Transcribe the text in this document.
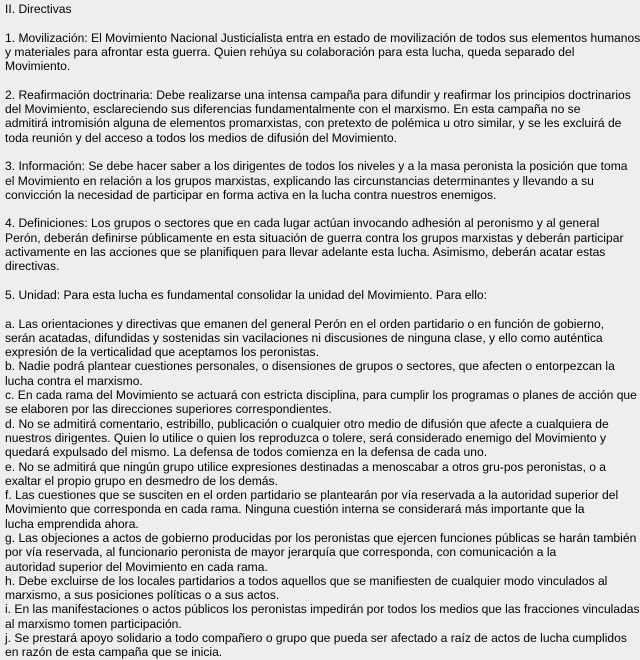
II. Directivas
1. Movilización: El Movimiento Nacional Justicialista entra en estado de movilización de todos sus elementos humanos
y materiales para afrontar esta guerra. Quien rehúya su colaboración para esta lucha, queda separado del
Movimiento.
2. Reafirmación doctrinaria: Debe realizarse una intensa campaña para difundir y reafirmar los principios doctrinarios
del Movimiento, esclareciendo sus diferencias fundamentalmente con el marxismo. En esta campaña no se
admitirá intromisión alguna de elementos promarxistas, con pretexto de polémica u otro similar, y se les excluirá de
toda reunión y del acceso a todos los medios de difusión del Movimiento.
3. Información: Se debe hacer saber a los dirigentes de todos los niveles y a la masa peronista la posición que toma
el Movimiento en relación a los grupos marxistas, explicando las circunstancias determinantes y llevando a su
convicción la necesidad de participar en forma activa en la lucha contra nuestros enemigos.
4. Definiciones: Los grupos o sectores que en cada lugar actúan invocando adhesión al peronismo y al general
Perón, deberán definirse públicamente en esta situación de guerra contra los grupos marxistas y deberán participar
activamente en las acciones que se planifiquen para llevar adelante esta lucha. Asimismo, deberán acatar estas
directivas.
5. Unidad: Para esta lucha es fundamental consolidar la unidad del Movimiento. Para ello:
a. Las orientaciones y directivas que emanen del general Perón en el orden partidario o en función de gobierno,
serán acatadas, difundidas y sostenidas sin vacilaciones ni discusiones de ninguna clase, y ello como auténtica
expresión de la verticalidad que aceptamos los peronistas.
b. Nadie podrá plantear cuestiones personales, o disensiones de grupos o sectores, que afecten o entorpezcan la
lucha contra el marxismo.
c. En cada rama del Movimiento se actuará con estricta disciplina, para cumplir los programas o planes de acción que
se elaboren por las direcciones superiores correspondientes.
d. No se admitirá comentario, estribillo, publicación o cualquier otro medio de difusión que afecte a cualquiera de
nuestros dirigentes. Quien lo utilice o quien los reproduzca o tolere, será considerado enemigo del Movimiento y
quedará expulsado del mismo. La defensa de todos comienza en la defensa de cada uno.
e. No se admitirá que ningún grupo utilice expresiones destinadas a menoscabar a otros gru-pos peronistas, o a
exaltar el propio grupo en desmedro de los demás.
f. Las cuestiones que se susciten en el orden partidario se plantearán por vía reservada a la autoridad superior del
Movimiento que corresponda en cada rama. Ninguna cuestión interna se considerará más importante que la
lucha emprendida ahora.
g. Las objeciones a actos de gobierno producidas por los peronistas que ejercen funciones públicas se harán también
por vía reservada, al funcionario peronista de mayor jerarquía que corresponda, con comunicación a la
autoridad superior del Movimiento en cada rama.
h. Debe excluirse de los locales partidarios a todos aquellos que se manifiesten de cualquier modo vinculados al
marxismo, a sus posiciones políticas o a sus actos.
i. En las manifestaciones o actos públicos los peronistas impedirán por todos los medios que las fracciones vinculadas
al marxismo tomen participación.
j. Se prestará apoyo solidario a todo compañero o grupo que pueda ser afectado a raíz de actos de lucha cumplidos
en razón de esta campaña que se inicia.
